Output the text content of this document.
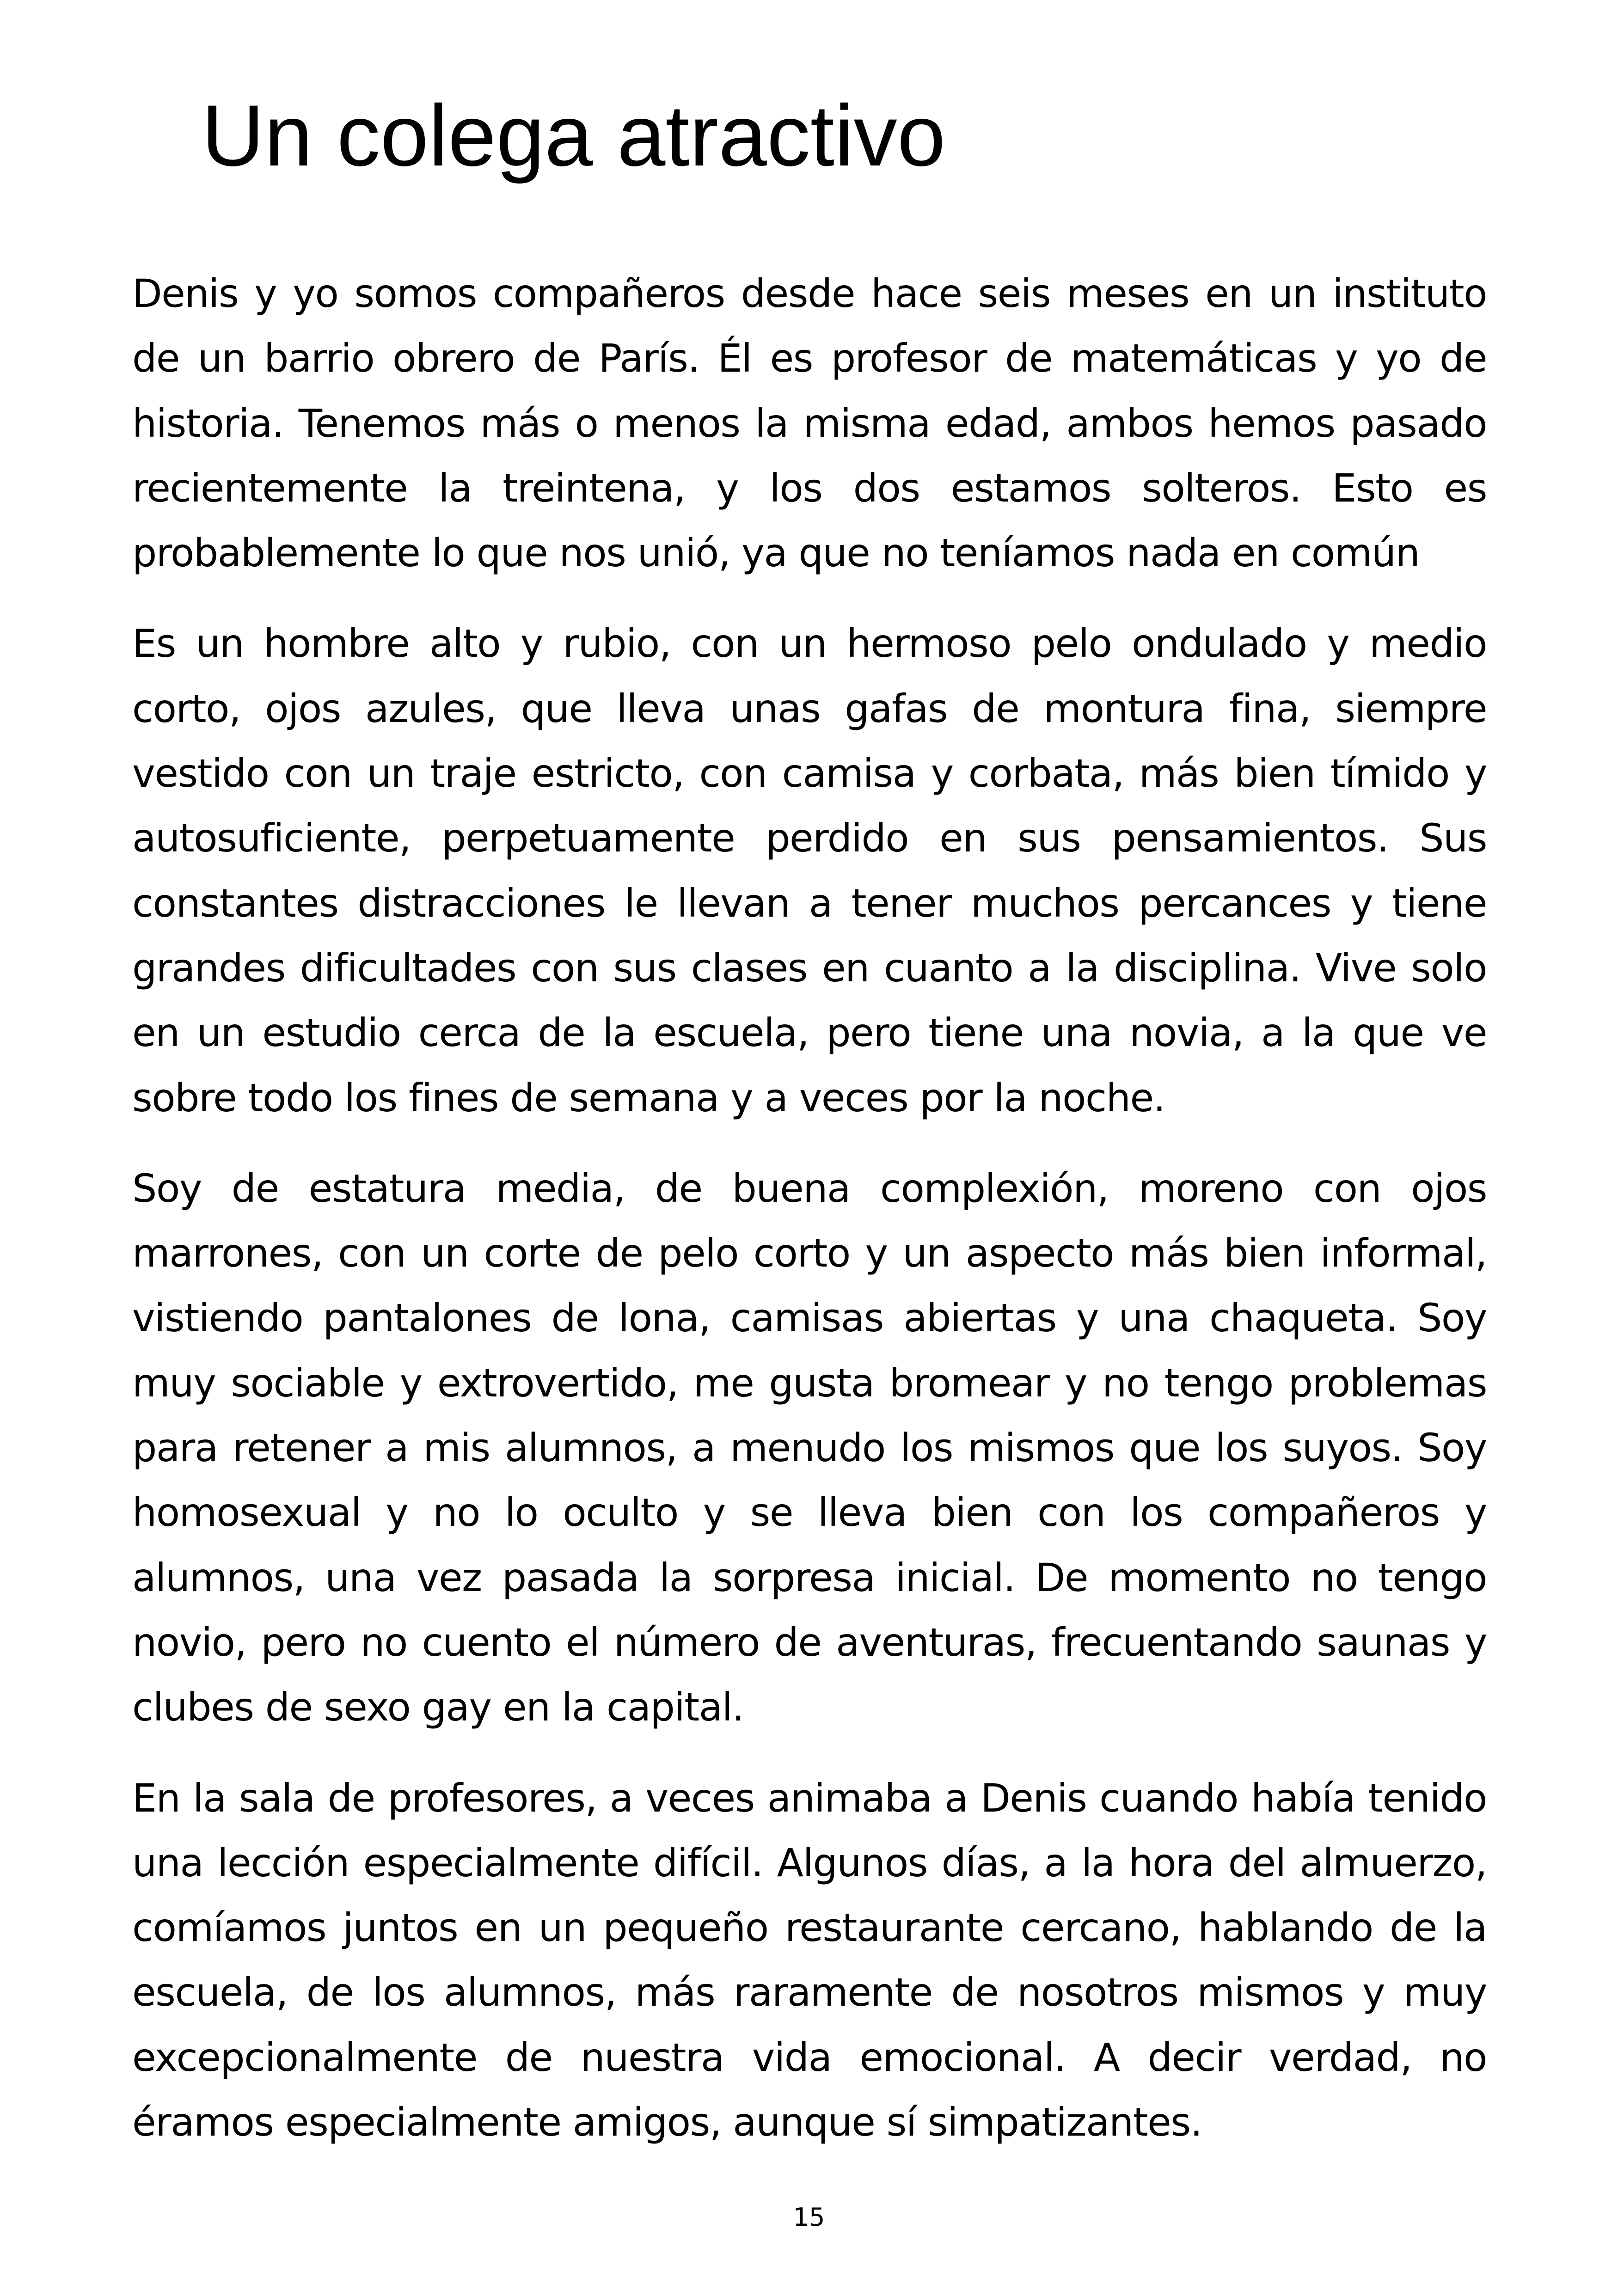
Un colega atractivo

Denis y yo somos compañeros desde hace seis meses en un instituto de un barrio obrero de París. Él es profesor de matemáticas y yo de historia. Tenemos más o menos la misma edad, ambos hemos pasado recientemente la treintena, y los dos estamos solteros. Esto es probablemente lo que nos unió, ya que no teníamos nada en común

Es un hombre alto y rubio, con un hermoso pelo ondulado y medio corto, ojos azules, que lleva unas gafas de montura fina, siempre vestido con un traje estricto, con camisa y corbata, más bien tímido y autosuficiente, perpetuamente perdido en sus pensamientos. Sus constantes distracciones le llevan a tener muchos percances y tiene grandes dificultades con sus clases en cuanto a la disciplina. Vive solo en un estudio cerca de la escuela, pero tiene una novia, a la que ve sobre todo los fines de semana y a veces por la noche.

Soy de estatura media, de buena complexión, moreno con ojos marrones, con un corte de pelo corto y un aspecto más bien informal, vistiendo pantalones de lona, camisas abiertas y una chaqueta. Soy muy sociable y extrovertido, me gusta bromear y no tengo problemas para retener a mis alumnos, a menudo los mismos que los suyos. Soy homosexual y no lo oculto y se lleva bien con los compañeros y alumnos, una vez pasada la sorpresa inicial. De momento no tengo novio, pero no cuento el número de aventuras, frecuentando saunas y clubes de sexo gay en la capital.

En la sala de profesores, a veces animaba a Denis cuando había tenido una lección especialmente difícil. Algunos días, a la hora del almuerzo, comíamos juntos en un pequeño restaurante cercano, hablando de la escuela, de los alumnos, más raramente de nosotros mismos y muy excepcionalmente de nuestra vida emocional. A decir verdad, no éramos especialmente amigos, aunque sí simpatizantes.

15
